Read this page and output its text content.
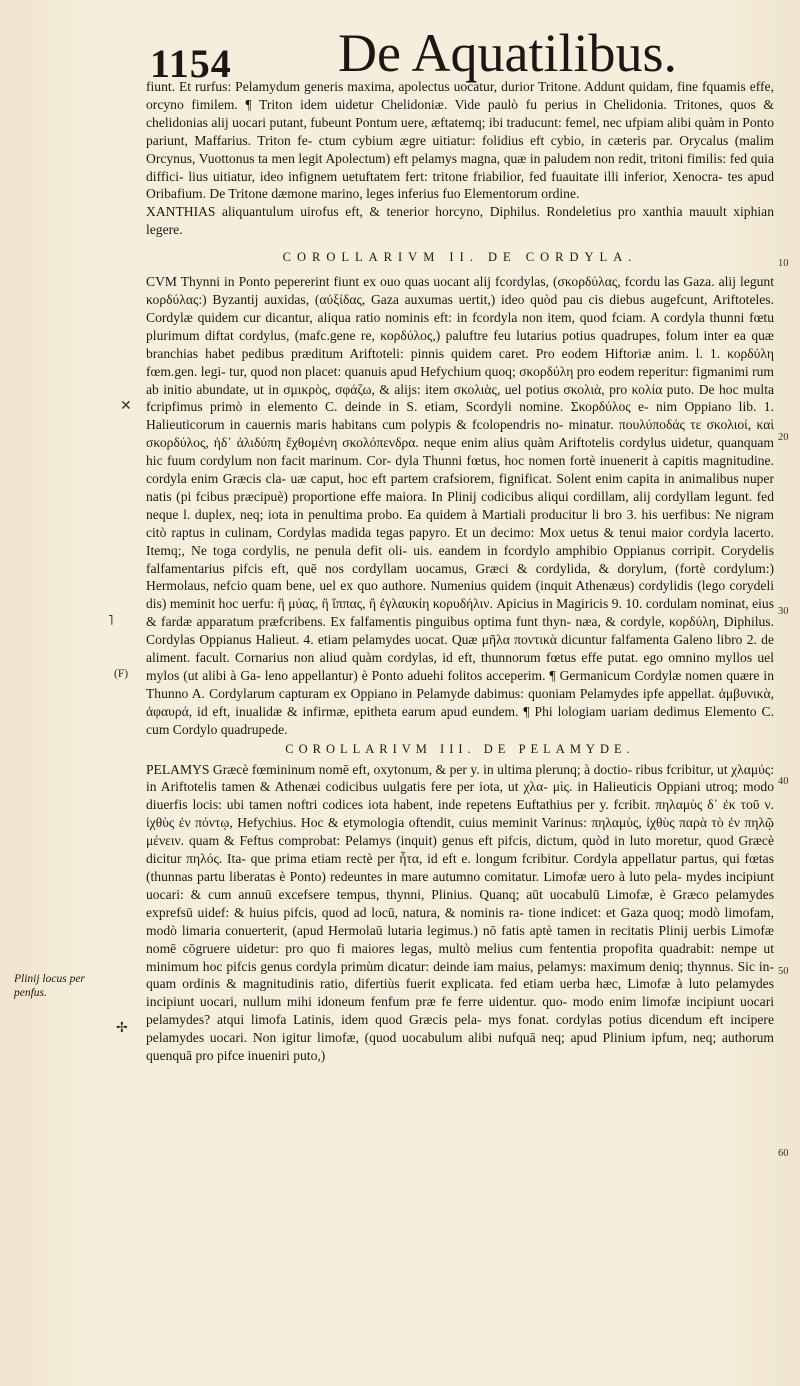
1154 De Aquatilibus.

fiunt. Et rurfus: Pelamydum generis maxima, apolectus uocatur, durior Tritone. Addunt quidam, fine fquamis effe, orcyno fimilem. ¶ Triton idem uidetur Chelidoniæ. Vide paulò fu perius in Chelidonia. Tritones, quos & chelidonias alij uocari putant, fubeunt Pontum uere, æftatemq; ibi traducunt: femel, nec ufpiam alibi quàm in Ponto pariunt, Maffarius. Triton fe- ctum cybium ægre uitiatur: folidius eft cybio, in cæteris par. Orycalus (malim Orcynus, Vuottonus ta men legit Apolectum) eft pelamys magna, quæ in paludem non redit, tritoni fimilis: fed quia diffici- lius uitiatur, ideo infignem uetuftatem fert: tritone friabilior, fed fuauitate illi inferior, Xenocra- tes apud Oribafium. De Tritone dæmone marino, leges inferius fuo Elementorum ordine.

XANTHIAS aliquantulum uirofus eft, & tenerior horcyno, Diphilus. Rondeletius pro xanthia mauult xiphian legere.

COROLLARIVM II. DE CORDYLA.

CVM Thynni in Ponto pepererint fiunt ex ouo quas uocant alij fcordylas, (σκορδύλας, fcordu las Gaza. alij legunt κορδύλας:) Byzantij auxidas, (αὐξίδας, Gaza auxumas uertit,) ideo quòd pau cis diebus augefcunt, Ariftoteles. Cordylæ quidem cur dicantur, aliqua ratio nominis eft: in fcordyla non item, quod fciam. A cordyla thunni fœtu plurimum diftat cordylus, (mafc.gene re, κορδύλος,) paluftre feu lutarius potius quadrupes, folum inter ea quæ branchias habet pedibus præditum Ariftoteli: pinnis quidem caret. Pro eodem Hiftoriæ anim. l. 1. κορδύλη fœm.gen. legi- tur, quod non placet: quanuis apud Hefychium quoq; σκορδύλη pro eodem reperitur: figmanimi rum ab initio abundate, ut in σμικρὸς, σφάζω, & alijs: item σκολιὰς, uel potius σκολιὰ, pro κολία puto. De hoc multa fcripfimus primò in elemento C. deinde in S. etiam, Scordyli nomine. Σκορδύλος e- nim Oppiano lib. 1. Halieuticorum in cauernis maris habitans cum polypis & fcolopendris no- minatur. πουλύποδάς τε σκολιοί, καὶ σκορδύλος, ἠδ᾽ ἀλιδύπη ἔχθομένη σκολόπενδρα. neque enim alius quàm Ariftotelis cordylus uidetur, quanquam hic fuum cordylum non facit marinum. Cor- dyla Thunni fœtus, hoc nomen fortè inuenerit à capitis magnitudine. cordyla enim Græcis cla- uæ caput, hoc eft partem crafsiorem, fignificat. Solent enim capita in animalibus nuper natis (pi fcibus præcipuè) proportione effe maiora. In Plinij codicibus aliqui cordillam, alij cordyllam legunt. fed neque l. duplex, neq; iota in penultima probo. Ea quidem à Martiali producitur li bro 3. his uerfibus: Ne nigram citò raptus in culinam, Cordylas madida tegas papyro. Et un decimo: Mox uetus & tenui maior cordyla lacerto. Itemq;, Ne toga cordylis, ne penula defit oli- uis. eandem in fcordylo amphibio Oppianus corripit. Corydelis falfamentarius pifcis eft, quē nos cordyllam uocamus, Græci & cordylida, & dorylum, (fortè cordylum:) Hermolaus, nefcio quam bene, uel ex quo authore. Numenius quidem (inquit Athenæus) cordylidis (lego corydeli dis) meminit hoc uerfu: ἢ μύας, ἢ ἵππας, ἢ ἐγλαυκίη κορυδήλιν. Apicius in Magiricis 9. 10. cordulam nominat, eius & fardæ apparatum præfcribens. Ex falfamentis pinguibus optima funt thyn- næa, & cordyle, κορδύλη, Diphilus. Cordylas Oppianus Halieut. 4. etiam pelamydes uocat. Quæ μῆλα ποντικὰ dicuntur falfamenta Galeno libro 2. de aliment. facult. Cornarius non aliud quàm cordylas, id eft, thunnorum fœtus effe putat. ego omnino myllos uel mylos (ut alibi à Ga- leno appellantur) è Ponto aduehi folitos acceperim. ¶ Germanicum Cordylæ nomen quære in Thunno A. Cordylarum capturam ex Oppiano in Pelamyde dabimus: quoniam Pelamydes ipfe appellat. ἀμβυνικὰ, ἀφαυρά, id eft, inualidæ & infirmæ, epitheta earum apud eundem. ¶ Phi lologiam uariam dedimus Elemento C. cum Cordylo quadrupede.

COROLLARIVM III. DE PELAMYDE.

PELAMYS Græcè fœmininum nomē eft, oxytonum, & per y. in ultima plerunq; à doctio- ribus fcribitur, ut χλαμύς: in Ariftotelis tamen & Athenæi codicibus uulgatis fere per iota, ut χλα- μὶς. in Halieuticis Oppiani utroq; modo diuerfis locis: ubi tamen noftri codices iota habent, inde repetens Euftathius per y. fcribit. πηλαμὺς δ᾽ ἐκ τοῦ ν. ἰχθὺς ἐν πόντῳ, Hefychius. Hoc & etymologia oftendit, cuius meminit Varinus: πηλαμὺς, ἰχθὺς παρὰ τὸ ἐν πηλῷ μένειν. quam & Feftus comprobat: Pelamys (inquit) genus eft pifcis, dictum, quòd in luto moretur, quod Græcè dicitur πηλός. Ita- que prima etiam rectè per ἦτα, id eft e. longum fcribitur. Cordyla appellatur partus, qui fœtas (thunnas partu liberatas è Ponto) redeuntes in mare autumno comitatur. Limofæ uero à luto pela- mydes incipiunt uocari: & cum annuū excefsere tempus, thynni, Plinius. Quanq; aūt uocabulū Limofæ, è Græco pelamydes exprefsū uidef: & huius pifcis, quod ad locū, natura, & nominis ra- tione indicet: et Gaza quoq; modò limofam, modò limaria conuerterit, (apud Hermolaū lutaria legimus.) nō fatis aptè tamen in recitatis Plinij uerbis Limofæ nomē cōgruere uidetur: pro quo fi maiores legas, multò melius cum fententia propofita quadrabit: nempe ut minimum hoc pifcis genus cordyla primùm dicatur: deinde iam maius, pelamys: maximum deniq; thynnus. Sic in- quam ordinis & magnitudinis ratio, difertiùs fuerit explicata. fed etiam uerba hæc, Limofæ à luto pelamydes incipiunt uocari, nullum mihi idoneum fenfum præ fe ferre uidentur. quo- modo enim limofæ incipiunt uocari pelamydes? atqui limofa Latinis, idem quod Græcis pela- mys fonat. cordylas potius dicendum eft incipere pelamydes uocari. Non igitur limofæ, (quod uocabulum alibi nufquā neq; apud Plinium ipfum, neq; authorum quenquā pro pifce inueniri puto,)

10
20
30
40
50
60
✕
˥
(F)
Plinij locus per penfus.
✢
